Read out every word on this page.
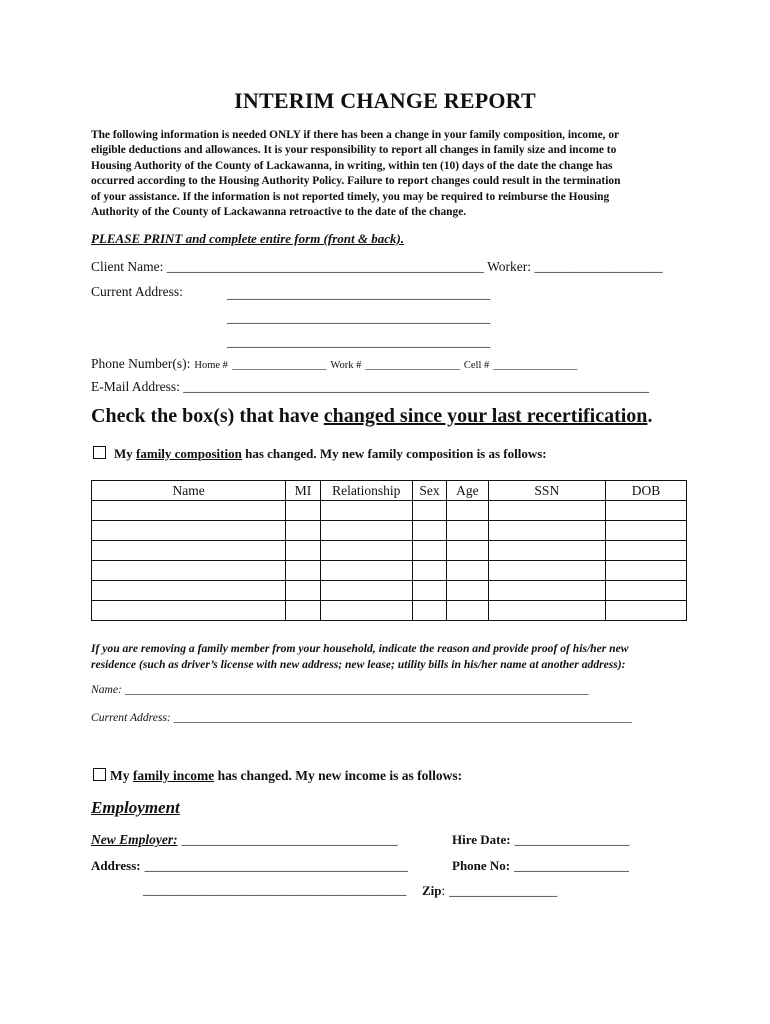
INTERIM CHANGE REPORT
The following information is needed ONLY if there has been a change in your family composition, income, or
eligible deductions and allowances. It is your responsibility to report all changes in family size and income to
Housing Authority of the County of Lackawanna, in writing, within ten (10) days of the date the change has
occurred according to the Housing Authority Policy. Failure to report changes could result in the termination
of your assistance. If the information is not reported timely, you may be required to reimburse the Housing
Authority of the County of Lackawanna retroactive to the date of the change.
PLEASE PRINT and complete entire form (front & back).
Client Name: _______________________________________________ Worker: ___________________
Current Address:	_______________________________________
_______________________________________
_______________________________________
Phone Number(s): Home # __________________ Work # __________________ Cell # ________________
E-Mail Address: _____________________________________________________________________
Check the box(s) that have changed since your last recertification.
My family composition has changed. My new family composition is as follows:
Name	MI	Relationship	Sex	Age	SSN	DOB

If you are removing a family member from your household, indicate the reason and provide proof of his/her new
residence (such as driver’s license with new address; new lease; utility bills in his/her name at another address):
Name: ________________________________________________________________________________
Current Address: _______________________________________________________________________________
My family income has changed. My new income is as follows:
Employment
New Employer: ________________________________	Hire Date: _________________
Address: _______________________________________	Phone No: _________________
_______________________________________ Zip: ________________
